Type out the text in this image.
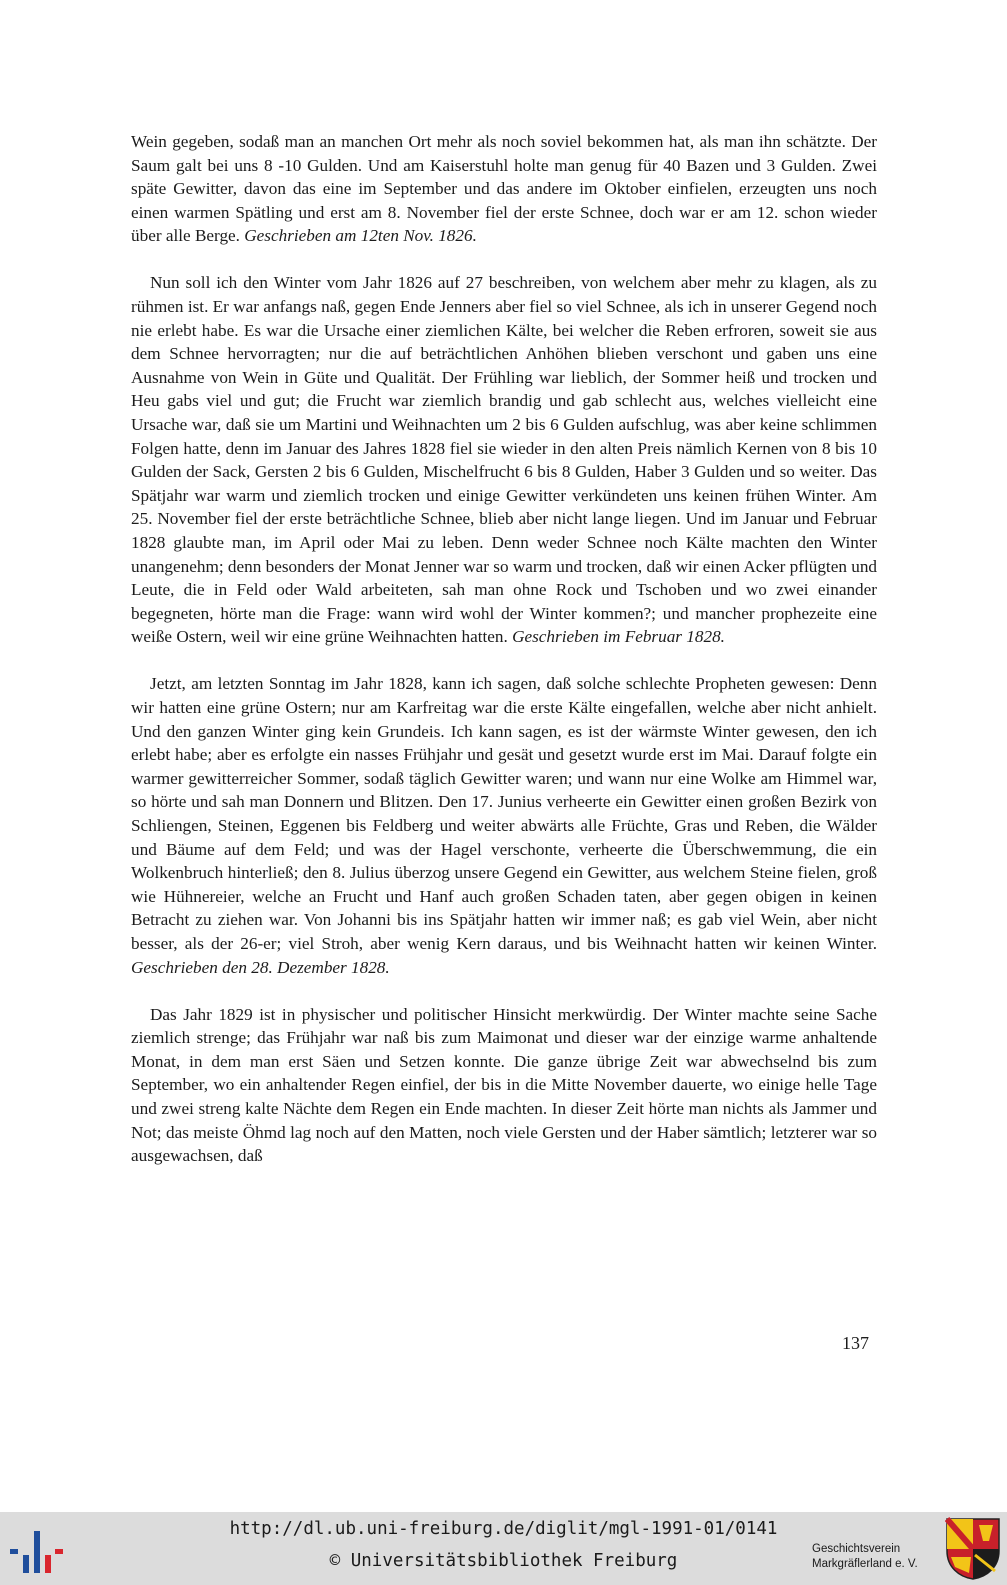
Wein gegeben, sodaß man an manchen Ort mehr als noch soviel bekommen hat, als man ihn schätzte. Der Saum galt bei uns 8 -10 Gulden. Und am Kaiserstuhl holte man genug für 40 Bazen und 3 Gulden. Zwei späte Gewitter, davon das eine im September und das andere im Oktober einfielen, erzeugten uns noch einen warmen Spätling und erst am 8. November fiel der erste Schnee, doch war er am 12. schon wieder über alle Berge. Geschrieben am 12ten Nov. 1826.

Nun soll ich den Winter vom Jahr 1826 auf 27 beschreiben, von welchem aber mehr zu klagen, als zu rühmen ist. Er war anfangs naß, gegen Ende Jenners aber fiel so viel Schnee, als ich in unserer Gegend noch nie erlebt habe. Es war die Ursache einer ziemlichen Kälte, bei welcher die Reben erfroren, soweit sie aus dem Schnee hervorragten; nur die auf beträchtlichen Anhöhen blieben verschont und gaben uns eine Ausnahme von Wein in Güte und Qualität. Der Frühling war lieblich, der Sommer heiß und trocken und Heu gabs viel und gut; die Frucht war ziemlich brandig und gab schlecht aus, welches vielleicht eine Ursache war, daß sie um Martini und Weihnachten um 2 bis 6 Gulden aufschlug, was aber keine schlimmen Folgen hatte, denn im Januar des Jahres 1828 fiel sie wieder in den alten Preis nämlich Kernen von 8 bis 10 Gulden der Sack, Gersten 2 bis 6 Gulden, Mischelfrucht 6 bis 8 Gulden, Haber 3 Gulden und so weiter. Das Spätjahr war warm und ziemlich trocken und einige Gewitter verkündeten uns keinen frühen Winter. Am 25. November fiel der erste beträchtliche Schnee, blieb aber nicht lange liegen. Und im Januar und Februar 1828 glaubte man, im April oder Mai zu leben. Denn weder Schnee noch Kälte machten den Winter unangenehm; denn besonders der Monat Jenner war so warm und trocken, daß wir einen Acker pflügten und Leute, die in Feld oder Wald arbeiteten, sah man ohne Rock und Tschoben und wo zwei einander begegneten, hörte man die Frage: wann wird wohl der Winter kommen?; und mancher prophezeite eine weiße Ostern, weil wir eine grüne Weihnachten hatten. Geschrieben im Februar 1828.

Jetzt, am letzten Sonntag im Jahr 1828, kann ich sagen, daß solche schlechte Propheten gewesen: Denn wir hatten eine grüne Ostern; nur am Karfreitag war die erste Kälte eingefallen, welche aber nicht anhielt. Und den ganzen Winter ging kein Grundeis. Ich kann sagen, es ist der wärmste Winter gewesen, den ich erlebt habe; aber es erfolgte ein nasses Frühjahr und gesät und gesetzt wurde erst im Mai. Darauf folgte ein warmer gewitterreicher Sommer, sodaß täglich Gewitter waren; und wann nur eine Wolke am Himmel war, so hörte und sah man Donnern und Blitzen. Den 17. Junius verheerte ein Gewitter einen großen Bezirk von Schliengen, Steinen, Eggenen bis Feldberg und weiter abwärts alle Früchte, Gras und Reben, die Wälder und Bäume auf dem Feld; und was der Hagel verschonte, verheerte die Überschwemmung, die ein Wolkenbruch hinterließ; den 8. Julius überzog unsere Gegend ein Gewitter, aus welchem Steine fielen, groß wie Hühnereier, welche an Frucht und Hanf auch großen Schaden taten, aber gegen obigen in keinen Betracht zu ziehen war. Von Johanni bis ins Spätjahr hatten wir immer naß; es gab viel Wein, aber nicht besser, als der 26-er; viel Stroh, aber wenig Kern daraus, und bis Weihnacht hatten wir keinen Winter. Geschrieben den 28. Dezember 1828.

Das Jahr 1829 ist in physischer und politischer Hinsicht merkwürdig. Der Winter machte seine Sache ziemlich strenge; das Frühjahr war naß bis zum Maimonat und dieser war der einzige warme anhaltende Monat, in dem man erst Säen und Setzen konnte. Die ganze übrige Zeit war abwechselnd bis zum September, wo ein anhaltender Regen einfiel, der bis in die Mitte November dauerte, wo einige helle Tage und zwei streng kalte Nächte dem Regen ein Ende machten. In dieser Zeit hörte man nichts als Jammer und Not; das meiste Öhmd lag noch auf den Matten, noch viele Gersten und der Haber sämtlich; letzterer war so ausgewachsen, daß

137
http://dl.ub.uni-freiburg.de/diglit/mgl-1991-01/0141
© Universitätsbibliothek Freiburg
Geschichtsverein
Markgräflerland e. V.
